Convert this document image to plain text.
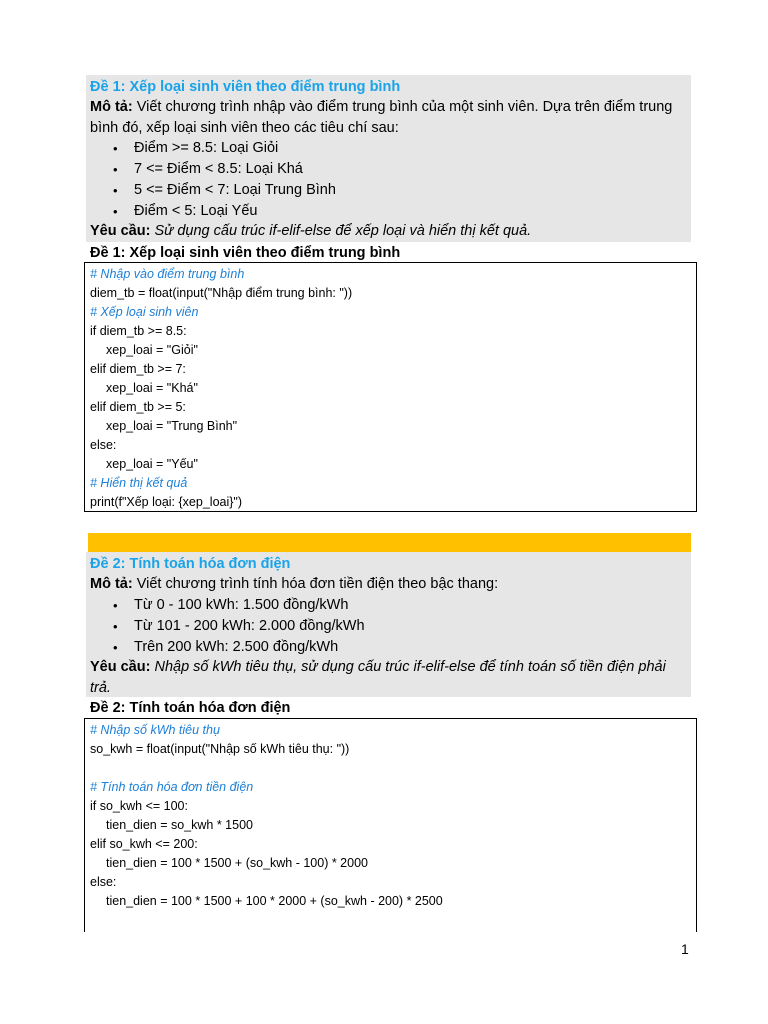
Đề 1: Xếp loại sinh viên theo điểm trung bình
Mô tả: Viết chương trình nhập vào điểm trung bình của một sinh viên. Dựa trên điểm trung
bình đó, xếp loại sinh viên theo các tiêu chí sau:
• Điểm >= 8.5: Loại Giỏi
• 7 <= Điểm < 8.5: Loại Khá
• 5 <= Điểm < 7: Loại Trung Bình
• Điểm < 5: Loại Yếu
Yêu cầu: Sử dụng cấu trúc if-elif-else để xếp loại và hiển thị kết quả.
Đề 1: Xếp loại sinh viên theo điểm trung bình
# Nhập vào điểm trung bình
diem_tb = float(input("Nhập điểm trung bình: "))
# Xếp loại sinh viên
if diem_tb >= 8.5:
xep_loai = "Giỏi"
elif diem_tb >= 7:
xep_loai = "Khá"
elif diem_tb >= 5:
xep_loai = "Trung Bình"
else:
xep_loai = "Yếu"
# Hiển thị kết quả
print(f"Xếp loại: {xep_loai}")
Đề 2: Tính toán hóa đơn điện
Mô tả: Viết chương trình tính hóa đơn tiền điện theo bậc thang:
• Từ 0 - 100 kWh: 1.500 đồng/kWh
• Từ 101 - 200 kWh: 2.000 đồng/kWh
• Trên 200 kWh: 2.500 đồng/kWh
Yêu cầu: Nhập số kWh tiêu thụ, sử dụng cấu trúc if-elif-else để tính toán số tiền điện phải
trả.
Đề 2: Tính toán hóa đơn điện
# Nhập số kWh tiêu thụ
so_kwh = float(input("Nhập số kWh tiêu thụ: "))
# Tính toán hóa đơn tiền điện
if so_kwh <= 100:
tien_dien = so_kwh * 1500
elif so_kwh <= 200:
tien_dien = 100 * 1500 + (so_kwh - 100) * 2000
else:
tien_dien = 100 * 1500 + 100 * 2000 + (so_kwh - 200) * 2500
1
